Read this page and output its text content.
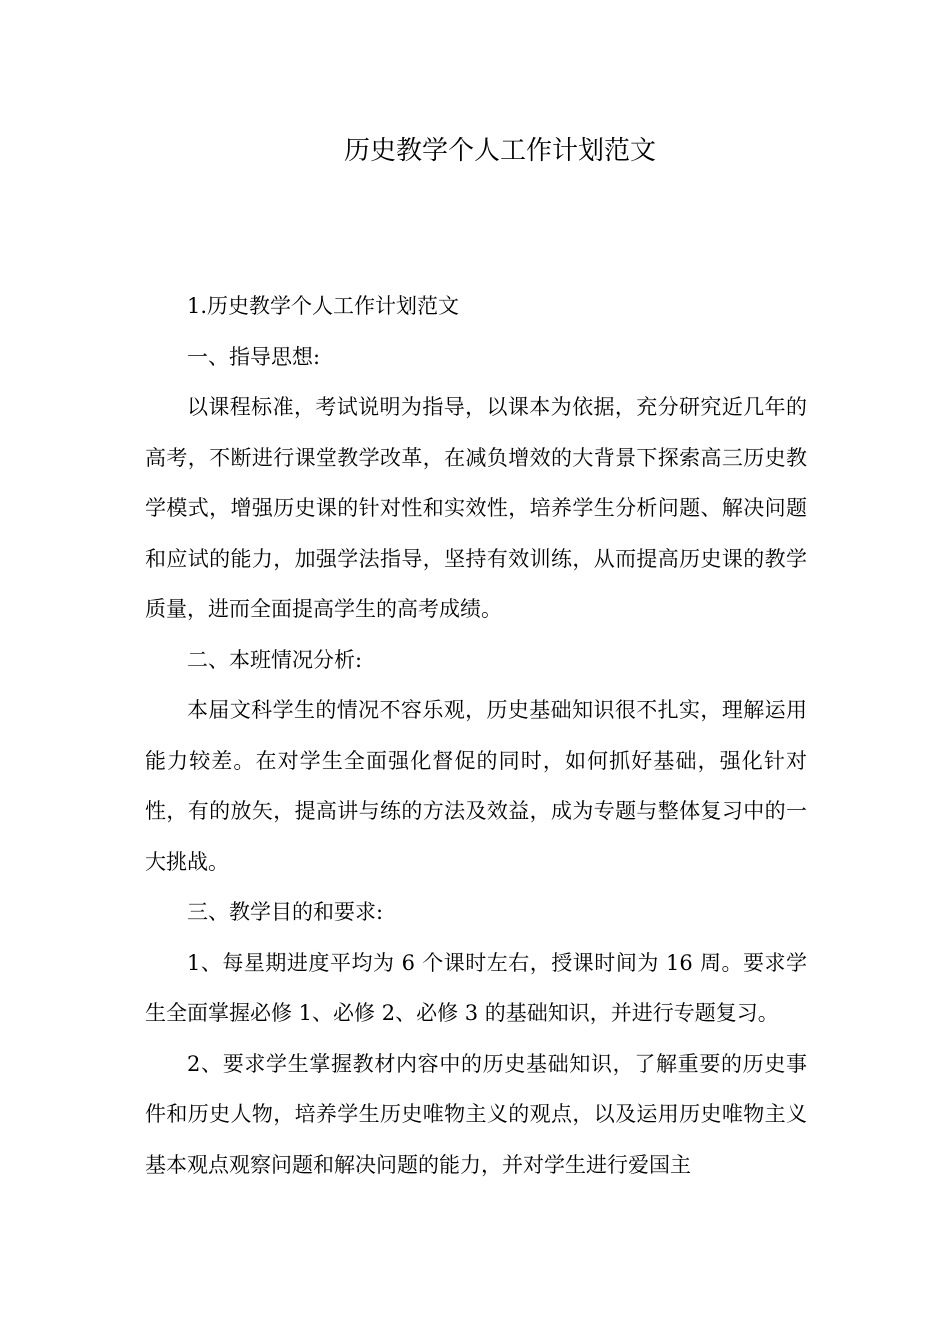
历史教学个人工作计划范文

1.历史教学个人工作计划范文

一、指导思想:

以课程标准，考试说明为指导，以课本为依据，充分研究近几年的高考，不断进行课堂教学改革，在减负增效的大背景下探索高三历史教学模式，增强历史课的针对性和实效性，培养学生分析问题、解决问题和应试的能力，加强学法指导，坚持有效训练，从而提高历史课的教学质量，进而全面提高学生的高考成绩。

二、本班情况分析:

本届文科学生的情况不容乐观，历史基础知识很不扎实，理解运用能力较差。在对学生全面强化督促的同时，如何抓好基础，强化针对性，有的放矢，提高讲与练的方法及效益，成为专题与整体复习中的一大挑战。

三、教学目的和要求:

1、每星期进度平均为 6 个课时左右，授课时间为 16 周。要求学生全面掌握必修 1、必修 2、必修 3 的基础知识，并进行专题复习。

2、要求学生掌握教材内容中的历史基础知识，了解重要的历史事件和历史人物，培养学生历史唯物主义的观点，以及运用历史唯物主义基本观点观察问题和解决问题的能力，并对学生进行爱国主
